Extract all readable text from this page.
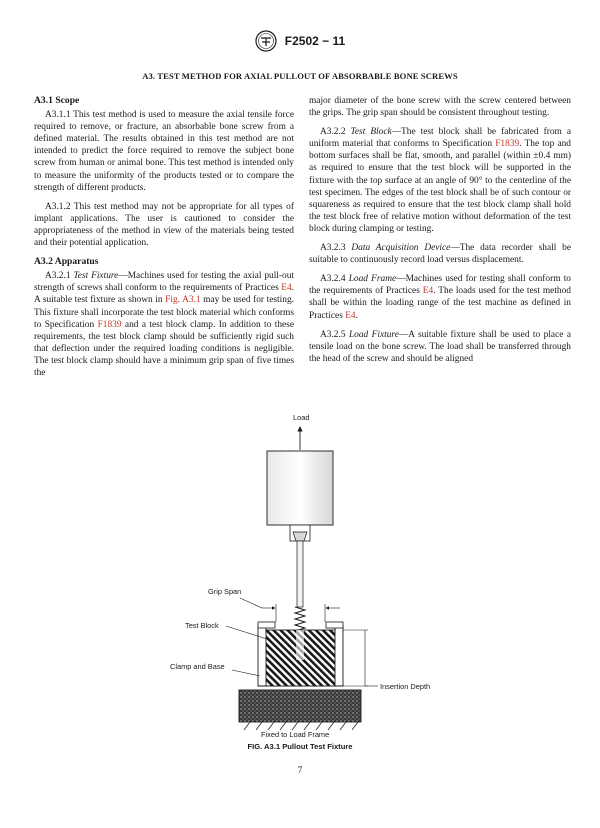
F2502 − 11
A3. TEST METHOD FOR AXIAL PULLOUT OF ABSORBABLE BONE SCREWS
A3.1 Scope

A3.1.1 This test method is used to measure the axial tensile force required to remove, or fracture, an absorbable bone screw from a defined material. The results obtained in this test method are not intended to predict the force required to remove the subject bone screw from human or animal bone. This test method is intended only to measure the uniformity of the products tested or to compare the strength of different products.

A3.1.2 This test method may not be appropriate for all types of implant applications. The user is cautioned to consider the appropriateness of the method in view of the materials being tested and their potential application.

A3.2 Apparatus

A3.2.1 Test Fixture—Machines used for testing the axial pull-out strength of screws shall conform to the requirements of Practices E4. A suitable test fixture as shown in Fig. A3.1 may be used for testing. This fixture shall incorporate the test block material which conforms to Specification F1839 and a test block clamp. In addition to these requirements, the test block clamp should be sufficiently rigid such that deflection under the required loading conditions is negligible. The test block clamp should have a minimum grip span of five times the

major diameter of the bone screw with the screw centered between the grips. The grip span should be consistent throughout testing.

A3.2.2 Test Block—The test block shall be fabricated from a uniform material that conforms to Specification F1839. The top and bottom surfaces shall be flat, smooth, and parallel (within ±0.4 mm) as required to ensure that the test block will be supported in the fixture with the top surface at an angle of 90° to the centerline of the test specimen. The edges of the test block shall be of such contour or squareness as required to ensure that the test block clamp shall hold the test block free of relative motion without deformation of the test block during clamping or testing.

A3.2.3 Data Acquisition Device—The data recorder shall be suitable to continuously record load versus displacement.

A3.2.4 Load Frame—Machines used for testing shall conform to the requirements of Practices E4. The loads used for the test method shall be within the loading range of the test machine as defined in Practices E4.

A3.2.5 Load Fixture—A suitable fixture shall be used to place a tensile load on the bone screw. The load shall be transferred through the head of the screw and should be aligned

Load
Fixed to Load Frame
Grip Span
Test Block
Clamp and Base
Insertion Depth
FIG. A3.1 Pullout Test Fixture
7
